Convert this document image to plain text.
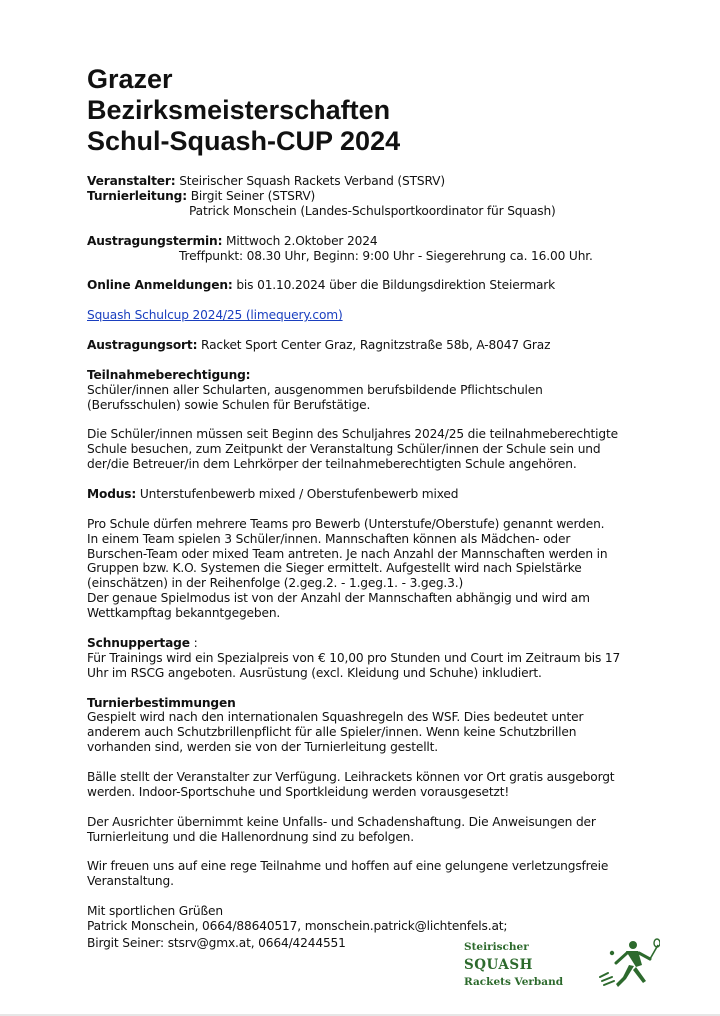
Grazer
Bezirksmeisterschaften
Schul-Squash-CUP 2024
Veranstalter: Steirischer Squash Rackets Verband (STSRV)
Turnierleitung: Birgit Seiner (STSRV)
Patrick Monschein (Landes-Schulsportkoordinator für Squash)
Austragungstermin: Mittwoch 2.Oktober 2024
Treffpunkt: 08.30 Uhr, Beginn: 9:00 Uhr - Siegerehrung ca. 16.00 Uhr.
Online Anmeldungen: bis 01.10.2024 über die Bildungsdirektion Steiermark
Squash Schulcup 2024/25 (limequery.com)
Austragungsort: Racket Sport Center Graz, Ragnitzstraße 58b, A-8047 Graz
Teilnahmeberechtigung:
Schüler/innen aller Schularten, ausgenommen berufsbildende Pflichtschulen
(Berufsschulen) sowie Schulen für Berufstätige.
Die Schüler/innen müssen seit Beginn des Schuljahres 2024/25 die teilnahmeberechtigte
Schule besuchen, zum Zeitpunkt der Veranstaltung Schüler/innen der Schule sein und
der/die Betreuer/in dem Lehrkörper der teilnahmeberechtigten Schule angehören.
Modus: Unterstufenbewerb mixed / Oberstufenbewerb mixed
Pro Schule dürfen mehrere Teams pro Bewerb (Unterstufe/Oberstufe) genannt werden.
In einem Team spielen 3 Schüler/innen. Mannschaften können als Mädchen- oder
Burschen-Team oder mixed Team antreten. Je nach Anzahl der Mannschaften werden in
Gruppen bzw. K.O. Systemen die Sieger ermittelt. Aufgestellt wird nach Spielstärke
(einschätzen) in der Reihenfolge (2.geg.2. - 1.geg.1. - 3.geg.3.)
Der genaue Spielmodus ist von der Anzahl der Mannschaften abhängig und wird am
Wettkampftag bekanntgegeben.
Schnuppertage :
Für Trainings wird ein Spezialpreis von € 10,00 pro Stunden und Court im Zeitraum bis 17
Uhr im RSCG angeboten. Ausrüstung (excl. Kleidung und Schuhe) inkludiert.
Turnierbestimmungen
Gespielt wird nach den internationalen Squashregeln des WSF. Dies bedeutet unter
anderem auch Schutzbrillenpflicht für alle Spieler/innen. Wenn keine Schutzbrillen
vorhanden sind, werden sie von der Turnierleitung gestellt.
Bälle stellt der Veranstalter zur Verfügung. Leihrackets können vor Ort gratis ausgeborgt
werden. Indoor-Sportschuhe und Sportkleidung werden vorausgesetzt!
Der Ausrichter übernimmt keine Unfalls- und Schadenshaftung. Die Anweisungen der
Turnierleitung und die Hallenordnung sind zu befolgen.
Wir freuen uns auf eine rege Teilnahme und hoffen auf eine gelungene verletzungsfreie
Veranstaltung.
Mit sportlichen Grüßen
Patrick Monschein, 0664/88640517, monschein.patrick@lichtenfels.at;
Birgit Seiner: stsrv@gmx.at, 0664/4244551	Steirischer
SQUASH
Rackets Verband
